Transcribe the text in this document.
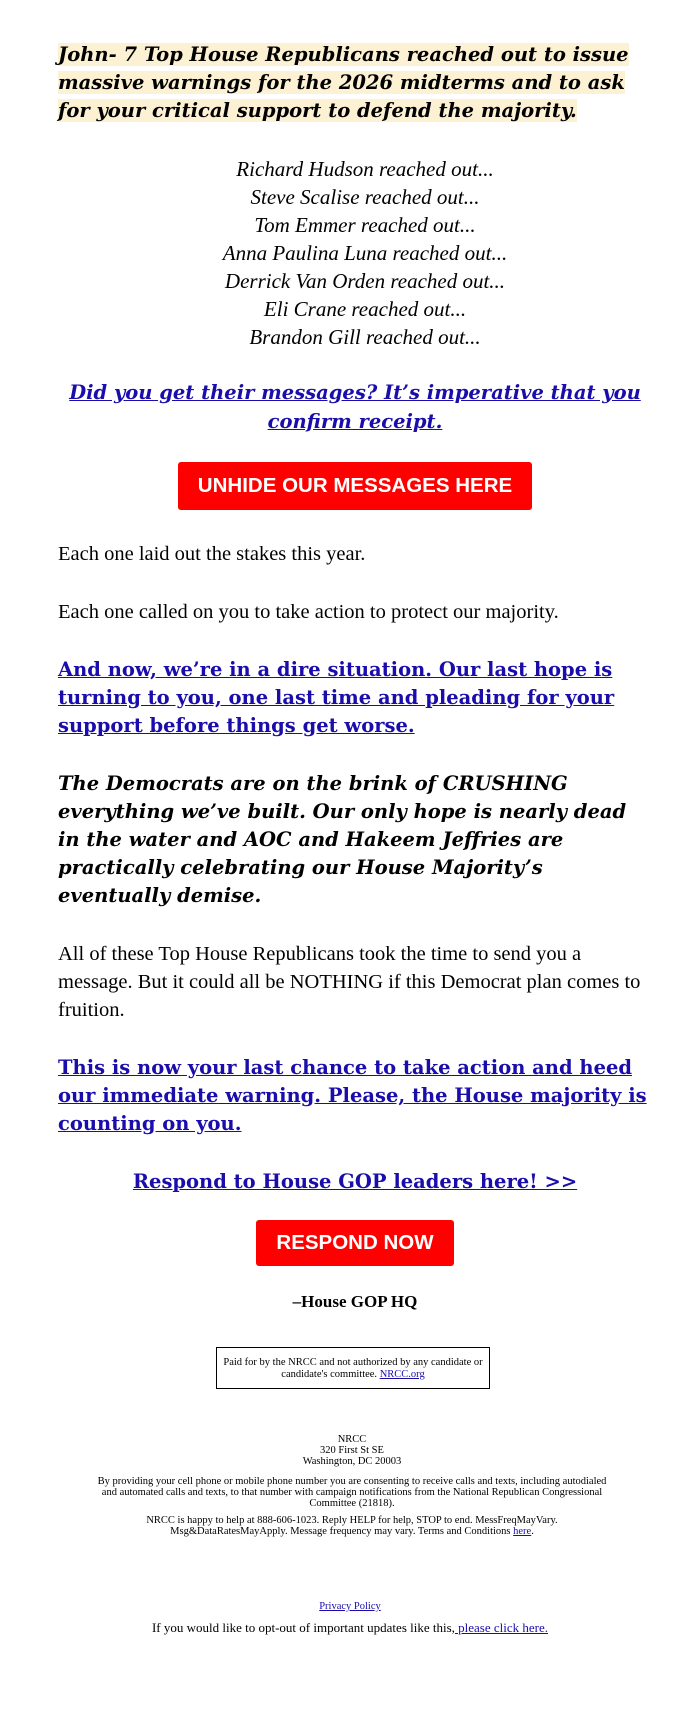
John- 7 Top House Republicans reached out to issue massive warnings for the 2026 midterms and to ask for your critical support to defend the majority.
Richard Hudson reached out...
Steve Scalise reached out...
Tom Emmer reached out...
Anna Paulina Luna reached out...
Derrick Van Orden reached out...
Eli Crane reached out...
Brandon Gill reached out...
Did you get their messages? It’s imperative that you confirm receipt.
UNHIDE OUR MESSAGES HERE
Each one laid out the stakes this year.
Each one called on you to take action to protect our majority.
And now, we’re in a dire situation. Our last hope is turning to you, one last time and pleading for your support before things get worse.
The Democrats are on the brink of CRUSHING everything we’ve built. Our only hope is nearly dead in the water and AOC and Hakeem Jeffries are practically celebrating our House Majority’s eventually demise.
All of these Top House Republicans took the time to send you a message. But it could all be NOTHING if this Democrat plan comes to fruition.
This is now your last chance to take action and heed our immediate warning. Please, the House majority is counting on you.
Respond to House GOP leaders here! >>
RESPOND NOW
–House GOP HQ
Paid for by the NRCC and not authorized by any candidate or candidate's committee. NRCC.org
NRCC
320 First St SE
Washington, DC 20003
By providing your cell phone or mobile phone number you are consenting to receive calls and texts, including autodialed and automated calls and texts, to that number with campaign notifications from the National Republican Congressional Committee (21818).
NRCC is happy to help at 888-606-1023. Reply HELP for help, STOP to end. MessFreqMayVary. Msg&DataRatesMayApply. Message frequency may vary. Terms and Conditions here.
Privacy Policy
If you would like to opt-out of important updates like this, please click here.
